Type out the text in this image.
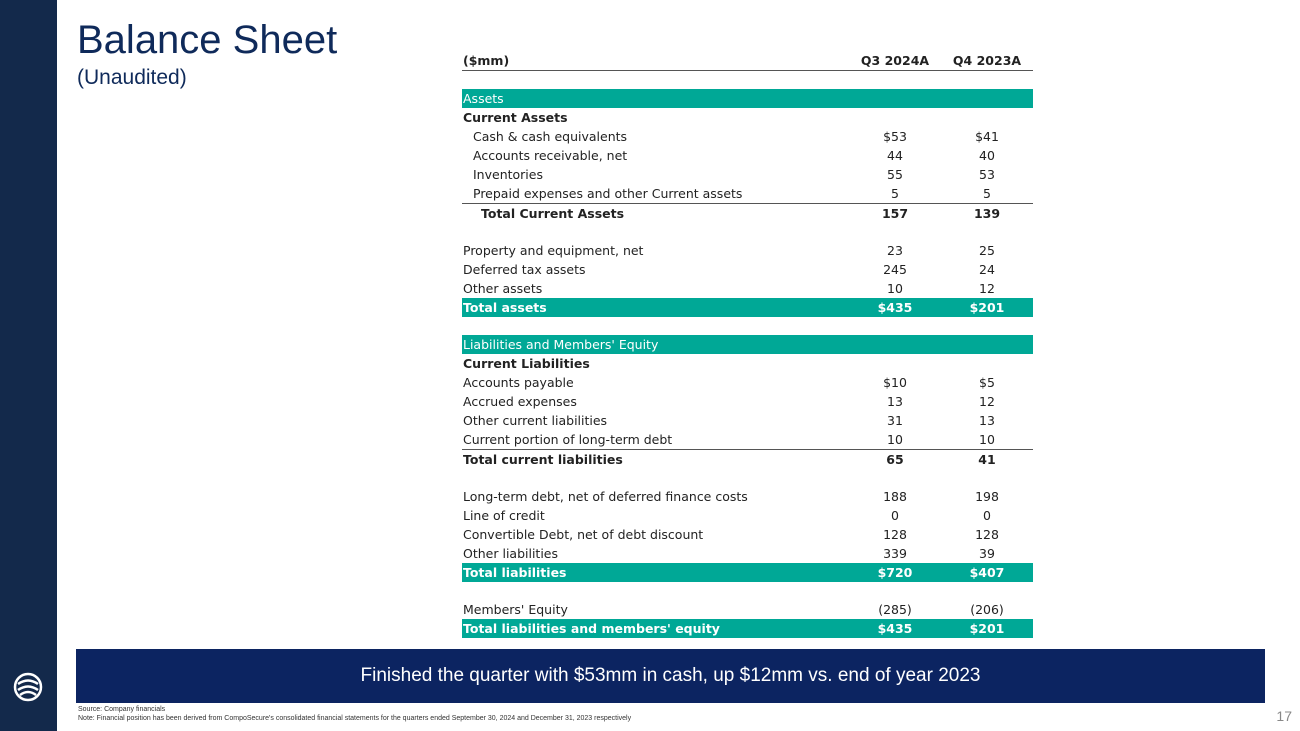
Balance Sheet
(Unaudited)
($mm)	Q3 2024A	Q4 2023A

Assets		
Current Assets		
Cash & cash equivalents	$53	$41
Accounts receivable, net	44	40
Inventories	55	53
Prepaid expenses and other Current assets	5	5
Total Current Assets	157	139

Property and equipment, net	23	25
Deferred tax assets	245	24
Other assets	10	12
Total assets	$435	$201

Liabilities and Members' Equity		
Current Liabilities		
Accounts payable	$10	$5
Accrued expenses	13	12
Other current liabilities	31	13
Current portion of long-term debt	10	10
Total current liabilities	65	41

Long-term debt, net of deferred finance costs	188	198
Line of credit	0	0
Convertible Debt, net of debt discount	128	128
Other liabilities	339	39
Total liabilities	$720	$407

Members' Equity	(285)	(206)
Total liabilities and members' equity	$435	$201
Finished the quarter with $53mm in cash, up $12mm vs. end of year 2023
Source: Company financials
Note: Financial position has been derived from CompoSecure's consolidated financial statements for the quarters ended September 30, 2024 and December 31, 2023 respectively	17
